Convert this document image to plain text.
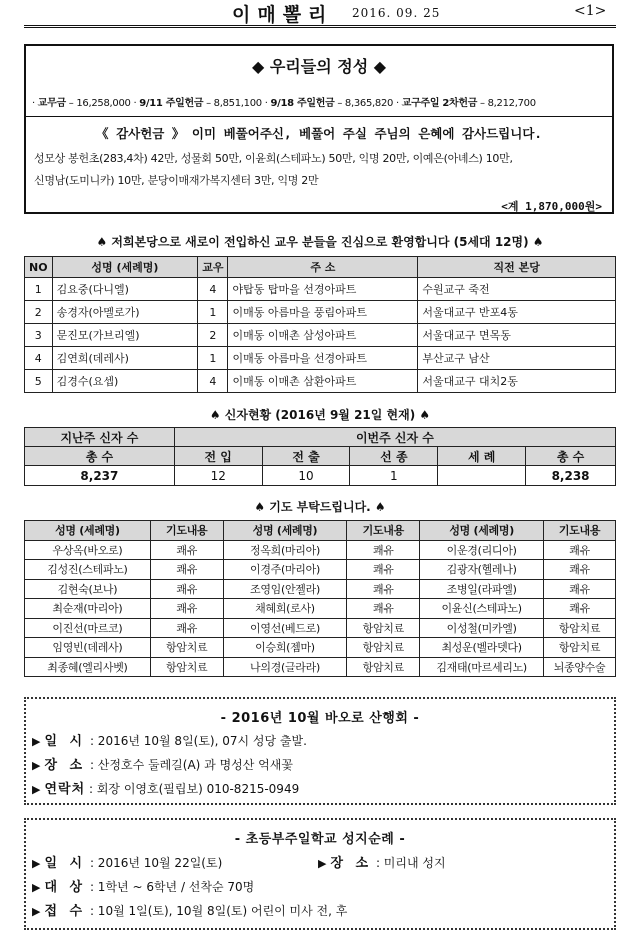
이매뽈리	2016. 09. 25	<1>
◆ 우리들의 정성 ◆
· 교무금 – 16,258,000 · 9/11 주일헌금 – 8,851,100 · 9/18 주일헌금 – 8,365,820 · 교구주일 2차헌금 – 8,212,700
《 감사헌금 》 이미 베풀어주신, 베풀어 주실 주님의 은혜에 감사드립니다.
성모상 봉헌초(283,4차) 42만, 성물회 50만, 이윤희(스테파노) 50만, 익명 20만, 이예은(아녜스) 10만,
신명남(도미니카) 10만, 분당이매재가복지센터 3만, 익명 2만
<계 1,870,000원>
♠ 저희본당으로 새로이 전입하신 교우 분들을 진심으로 환영합니다 (5세대 12명) ♠
NO	성명 (세례명)	교우	주 소	직전 본당
1	김요중(다니엘)	4	야탑동 탑마을 선경아파트	수원교구 죽전
2	송경자(아멜로가)	1	이매동 아름마을 풍림아파트	서울대교구 반포4동
3	문진모(가브리엘)	2	이매동 이매촌 삼성아파트	서울대교구 면목동
4	김연희(데레사)	1	이매동 아름마을 선경아파트	부산교구 남산
5	김경수(요셉)	4	이매동 이매촌 삼환아파트	서울대교구 대치2동
♠ 신자현황 (2016년 9월 21일 현재) ♠
지난주 신자 수	이번주 신자 수				
총 수	전 입	전 출	선 종	세 례	총 수
8,237	12	10	1		8,238
♠ 기도 부탁드립니다. ♠
성명 (세례명)	기도내용	성명 (세례명)	기도내용	성명 (세례명)	기도내용
우상옥(바오로)	쾌유	정옥희(마리아)	쾌유	이운경(리디아)	쾌유
김성진(스테파노)	쾌유	이경주(마리아)	쾌유	김광자(헬레나)	쾌유
김현숙(보나)	쾌유	조영임(안젤라)	쾌유	조병일(라파엘)	쾌유
최순재(마리아)	쾌유	채혜희(로사)	쾌유	이윤신(스테파노)	쾌유
이진선(마르코)	쾌유	이영선(베드로)	항암치료	이성철(미카엘)	항암치료
임영빈(데레사)	항암치료	이승희(젬마)	항암치료	최성운(벨라뎃다)	항암치료
최종혜(엘리사벳)	항암치료	나의경(글라라)	항암치료	김재태(마르세리노)	뇌종양수술
- 2016년 10월 바오로 산행회 -
▶ 일 시 : 2016년 10월 8일(토), 07시 성당 출발.
▶ 장 소 : 산정호수 둘레길(A) 과 명성산 억새꽃
▶ 연락처 : 회장 이영호(필립보) 010-8215-0949
- 초등부주일학교 성지순례 -
▶ 일 시 : 2016년 10월 22일(토)	▶ 장 소 : 미리내 성지
▶ 대 상 : 1학년 ~ 6학년 / 선착순 70명
▶ 접 수 : 10월 1일(토), 10월 8일(토) 어린이 미사 전, 후
